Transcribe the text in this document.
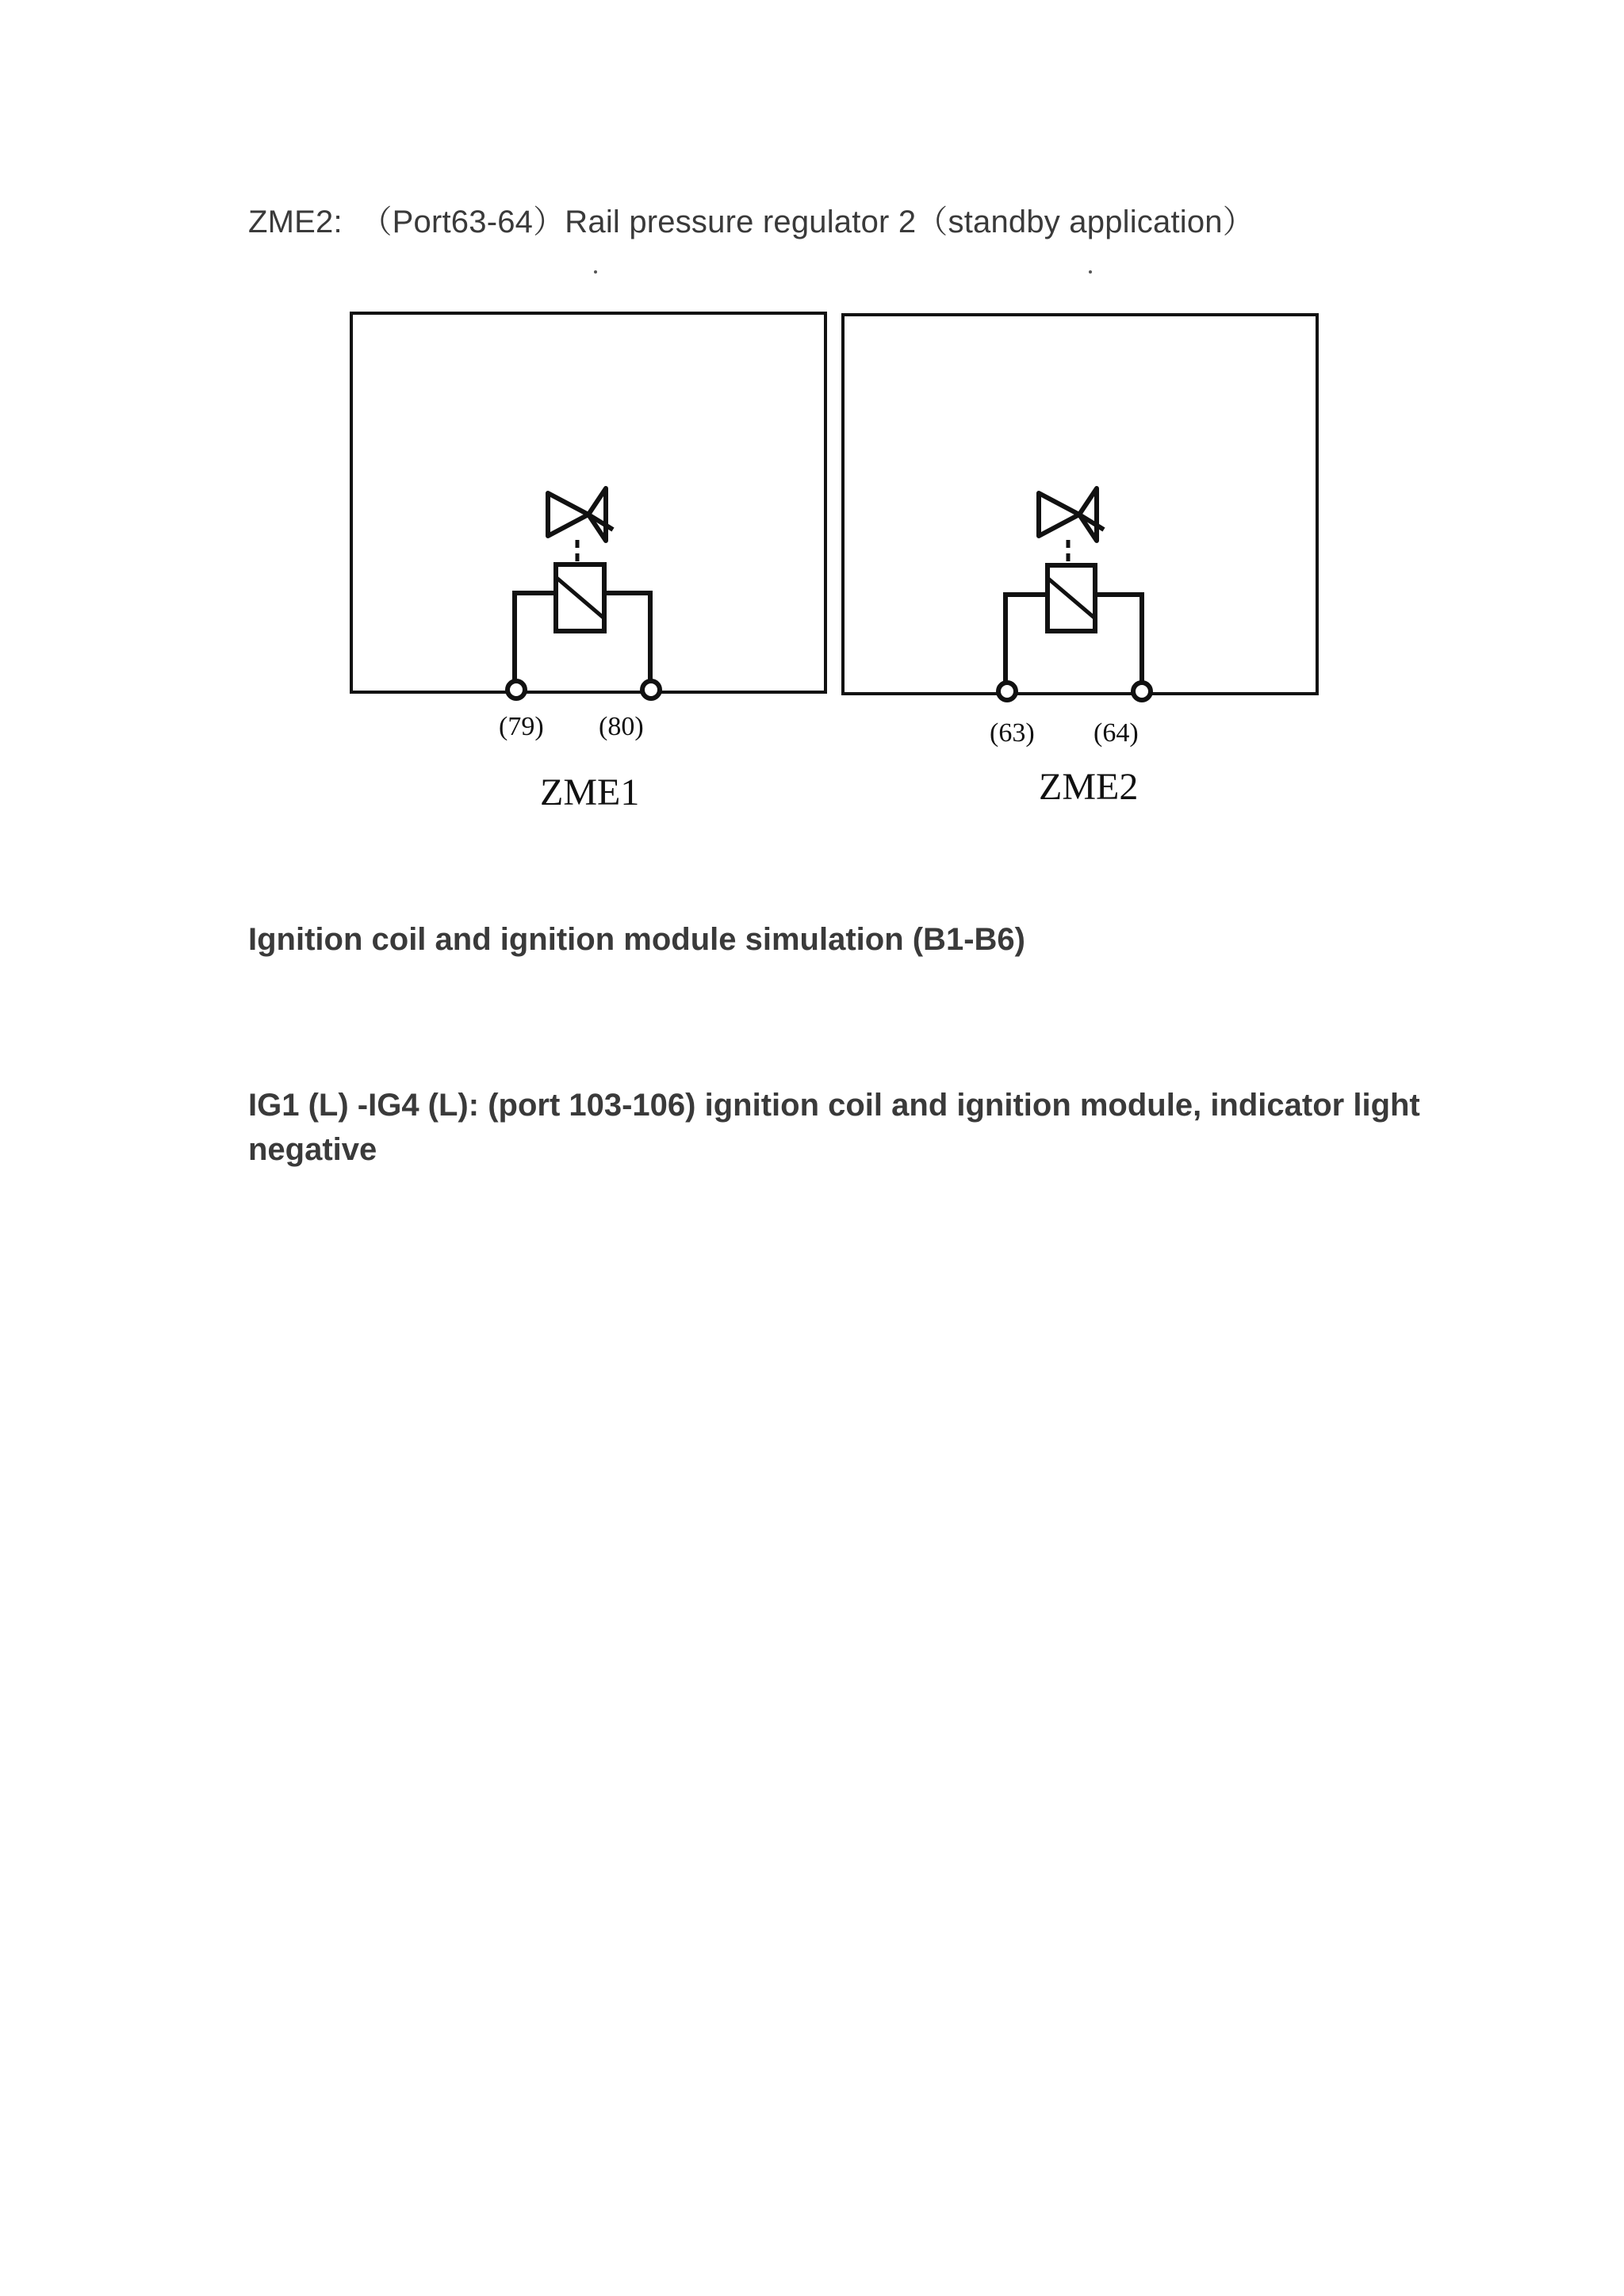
ZME2: （Port63-64）Rail pressure regulator 2（standby application）
(79) (80)
ZME1
(63) (64)
ZME2
Ignition coil and ignition module simulation (B1-B6)
IG1 (L) -IG4 (L): (port 103-106) ignition coil and ignition module, indicator light negative
